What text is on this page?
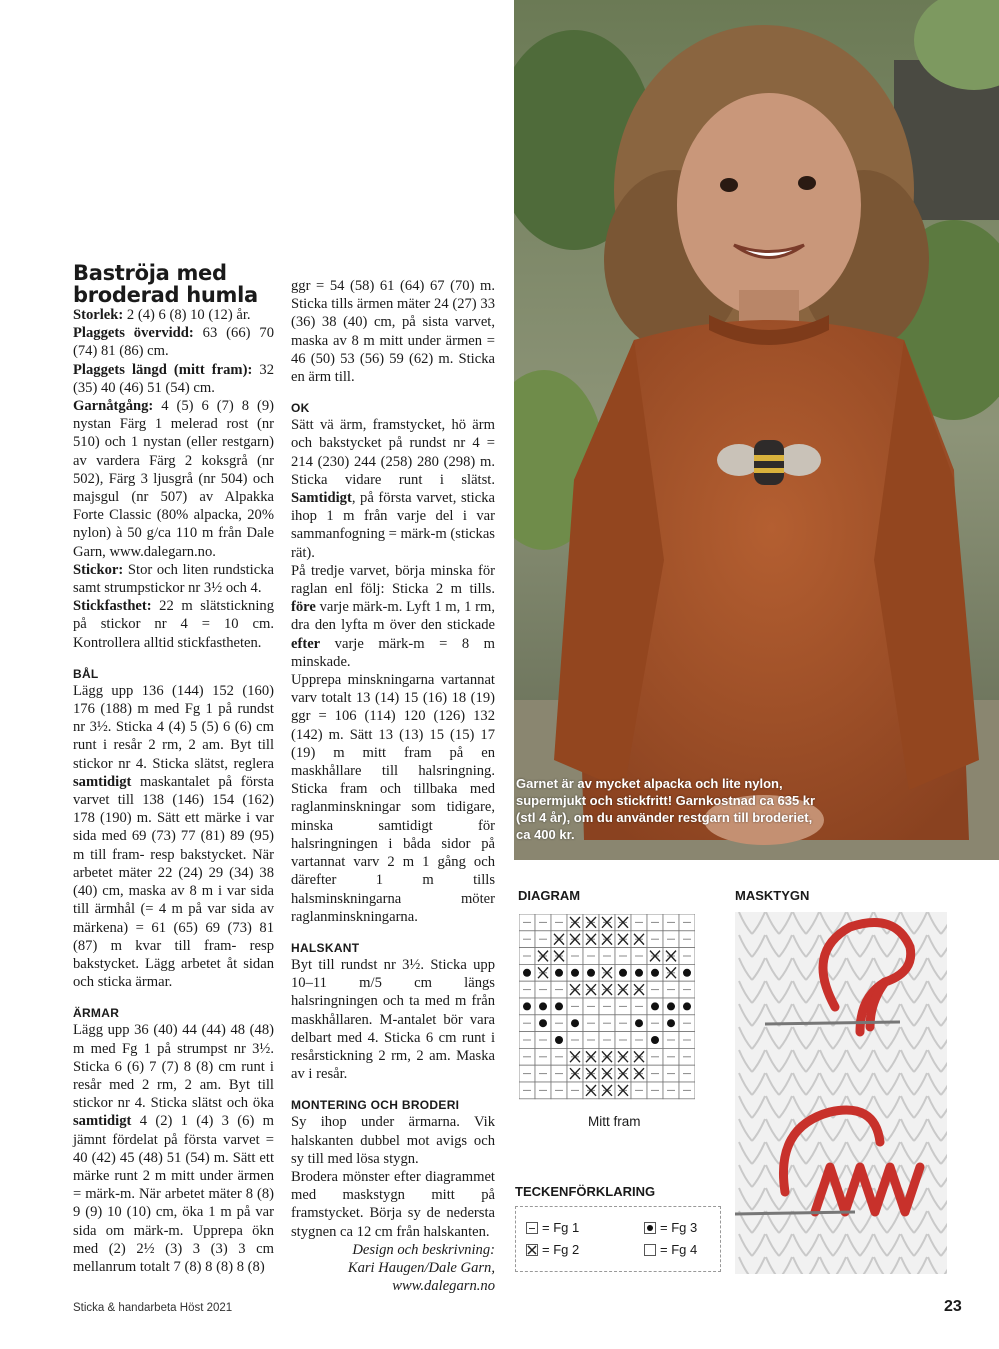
Baströja med
broderad humla

Storlek: 2 (4) 6 (8) 10 (12) år.

Plaggets övervidd: 63 (66) 70 (74) 81 (86) cm.

Plaggets längd (mitt fram): 32 (35) 40 (46) 51 (54) cm.

Garnåtgång: 4 (5) 6 (7) 8 (9) nystan Färg 1 melerad rost (nr 510) och 1 nystan (eller restgarn) av vardera Färg 2 koksgrå (nr 502), Färg 3 ljusgrå (nr 504) och majsgul (nr 507) av Alpakka Forte Classic (80% alpacka, 20% nylon) à 50 g/ca 110 m från Dale Garn, www.dalegarn.no.

Stickor: Stor och liten rundsticka samt strumpstickor nr 3½ och 4.

Stickfasthet: 22 m slätstickning på stickor nr 4 = 10 cm. Kontrollera alltid stickfastheten.

BÅL

Lägg upp 136 (144) 152 (160) 176 (188) m med Fg 1 på rundst nr 3½. Sticka 4 (4) 5 (5) 6 (6) cm runt i resår 2 rm, 2 am. Byt till stickor nr 4. Sticka slätst, reglera samtidigt maskantalet på första varvet till 138 (146) 154 (162) 178 (190) m. Sätt ett märke i var sida med 69 (73) 77 (81) 89 (95) m till fram- resp bakstycket. När arbetet mäter 22 (24) 29 (34) 38 (40) cm, maska av 8 m i var sida till ärmhål (= 4 m på var sida av märkena) = 61 (65) 69 (73) 81 (87) m kvar till fram- resp bakstycket. Lägg arbetet åt sidan och sticka ärmar.

ÄRMAR

Lägg upp 36 (40) 44 (44) 48 (48) m med Fg 1 på strumpst nr 3½. Sticka 6 (6) 7 (7) 8 (8) cm runt i resår med 2 rm, 2 am. Byt till stickor nr 4. Sticka slätst och öka samtidigt 4 (2) 1 (4) 3 (6) m jämnt fördelat på första varvet = 40 (42) 45 (48) 51 (54) m. Sätt ett märke runt 2 m mitt under ärmen = märk-m. När arbetet mäter 8 (8) 9 (9) 10 (10) cm, öka 1 m på var sida om märk-m. Upprepa ökn med (2) 2½ (3) 3 (3) 3 cm mellanrum totalt 7 (8) 8 (8) 8 (8)

ggr = 54 (58) 61 (64) 67 (70) m. Sticka tills ärmen mäter 24 (27) 33 (36) 38 (40) cm, på sista varvet, maska av 8 m mitt under ärmen = 46 (50) 53 (56) 59 (62) m. Sticka en ärm till.

OK

Sätt vä ärm, framstycket, hö ärm och bakstycket på rundst nr 4 = 214 (230) 244 (258) 280 (298) m. Sticka vidare runt i slätst. Samtidigt, på första varvet, sticka ihop 1 m från varje del i var sammanfogning = märk-m (stickas rät).

På tredje varvet, börja minska för raglan enl följ: Sticka 2 m tills. före varje märk-m. Lyft 1 m, 1 rm, dra den lyfta m över den stickade efter varje märk-m = 8 m minskade.

Upprepa minskningarna vartannat varv totalt 13 (14) 15 (16) 18 (19) ggr = 106 (114) 120 (126) 132 (142) m. Sätt 13 (13) 15 (15) 17 (19) m mitt fram på en maskhållare till halsringning. Sticka fram och tillbaka med raglanminskningar som tidigare, minska samtidigt för halsringningen i båda sidor på vartannat varv 2 m 1 gång och därefter 1 m tills halsminskningarna möter raglanminskningarna.

HALSKANT

Byt till rundst nr 3½. Sticka upp 10–11 m/5 cm längs halsringningen och ta med m från maskhållaren. M-antalet bör vara delbart med 4. Sticka 6 cm runt i resårstickning 2 rm, 2 am. Maska av i resår.

MONTERING OCH BRODERI

Sy ihop under ärmarna. Vik halskanten dubbel mot avigs och sy till med lösa stygn.

Brodera mönster efter diagrammet med maskstygn mitt på framstycket. Börja sy de nedersta stygnen ca 12 cm från halskanten.

Design och beskrivning:
Kari Haugen/Dale Garn,
www.dalegarn.no

Garnet är av mycket alpacka och lite nylon, supermjukt och stickfritt! Garnkostnad ca 635 kr (stl 4 år), om du använder restgarn till broderiet, ca 400 kr.
DIAGRAM
Mitt fram
TECKENFÖRKLARING
= Fg 1
= Fg 2
= Fg 3
= Fg 4
MASKTYGN
Sticka & handarbeta Höst 2021	23
